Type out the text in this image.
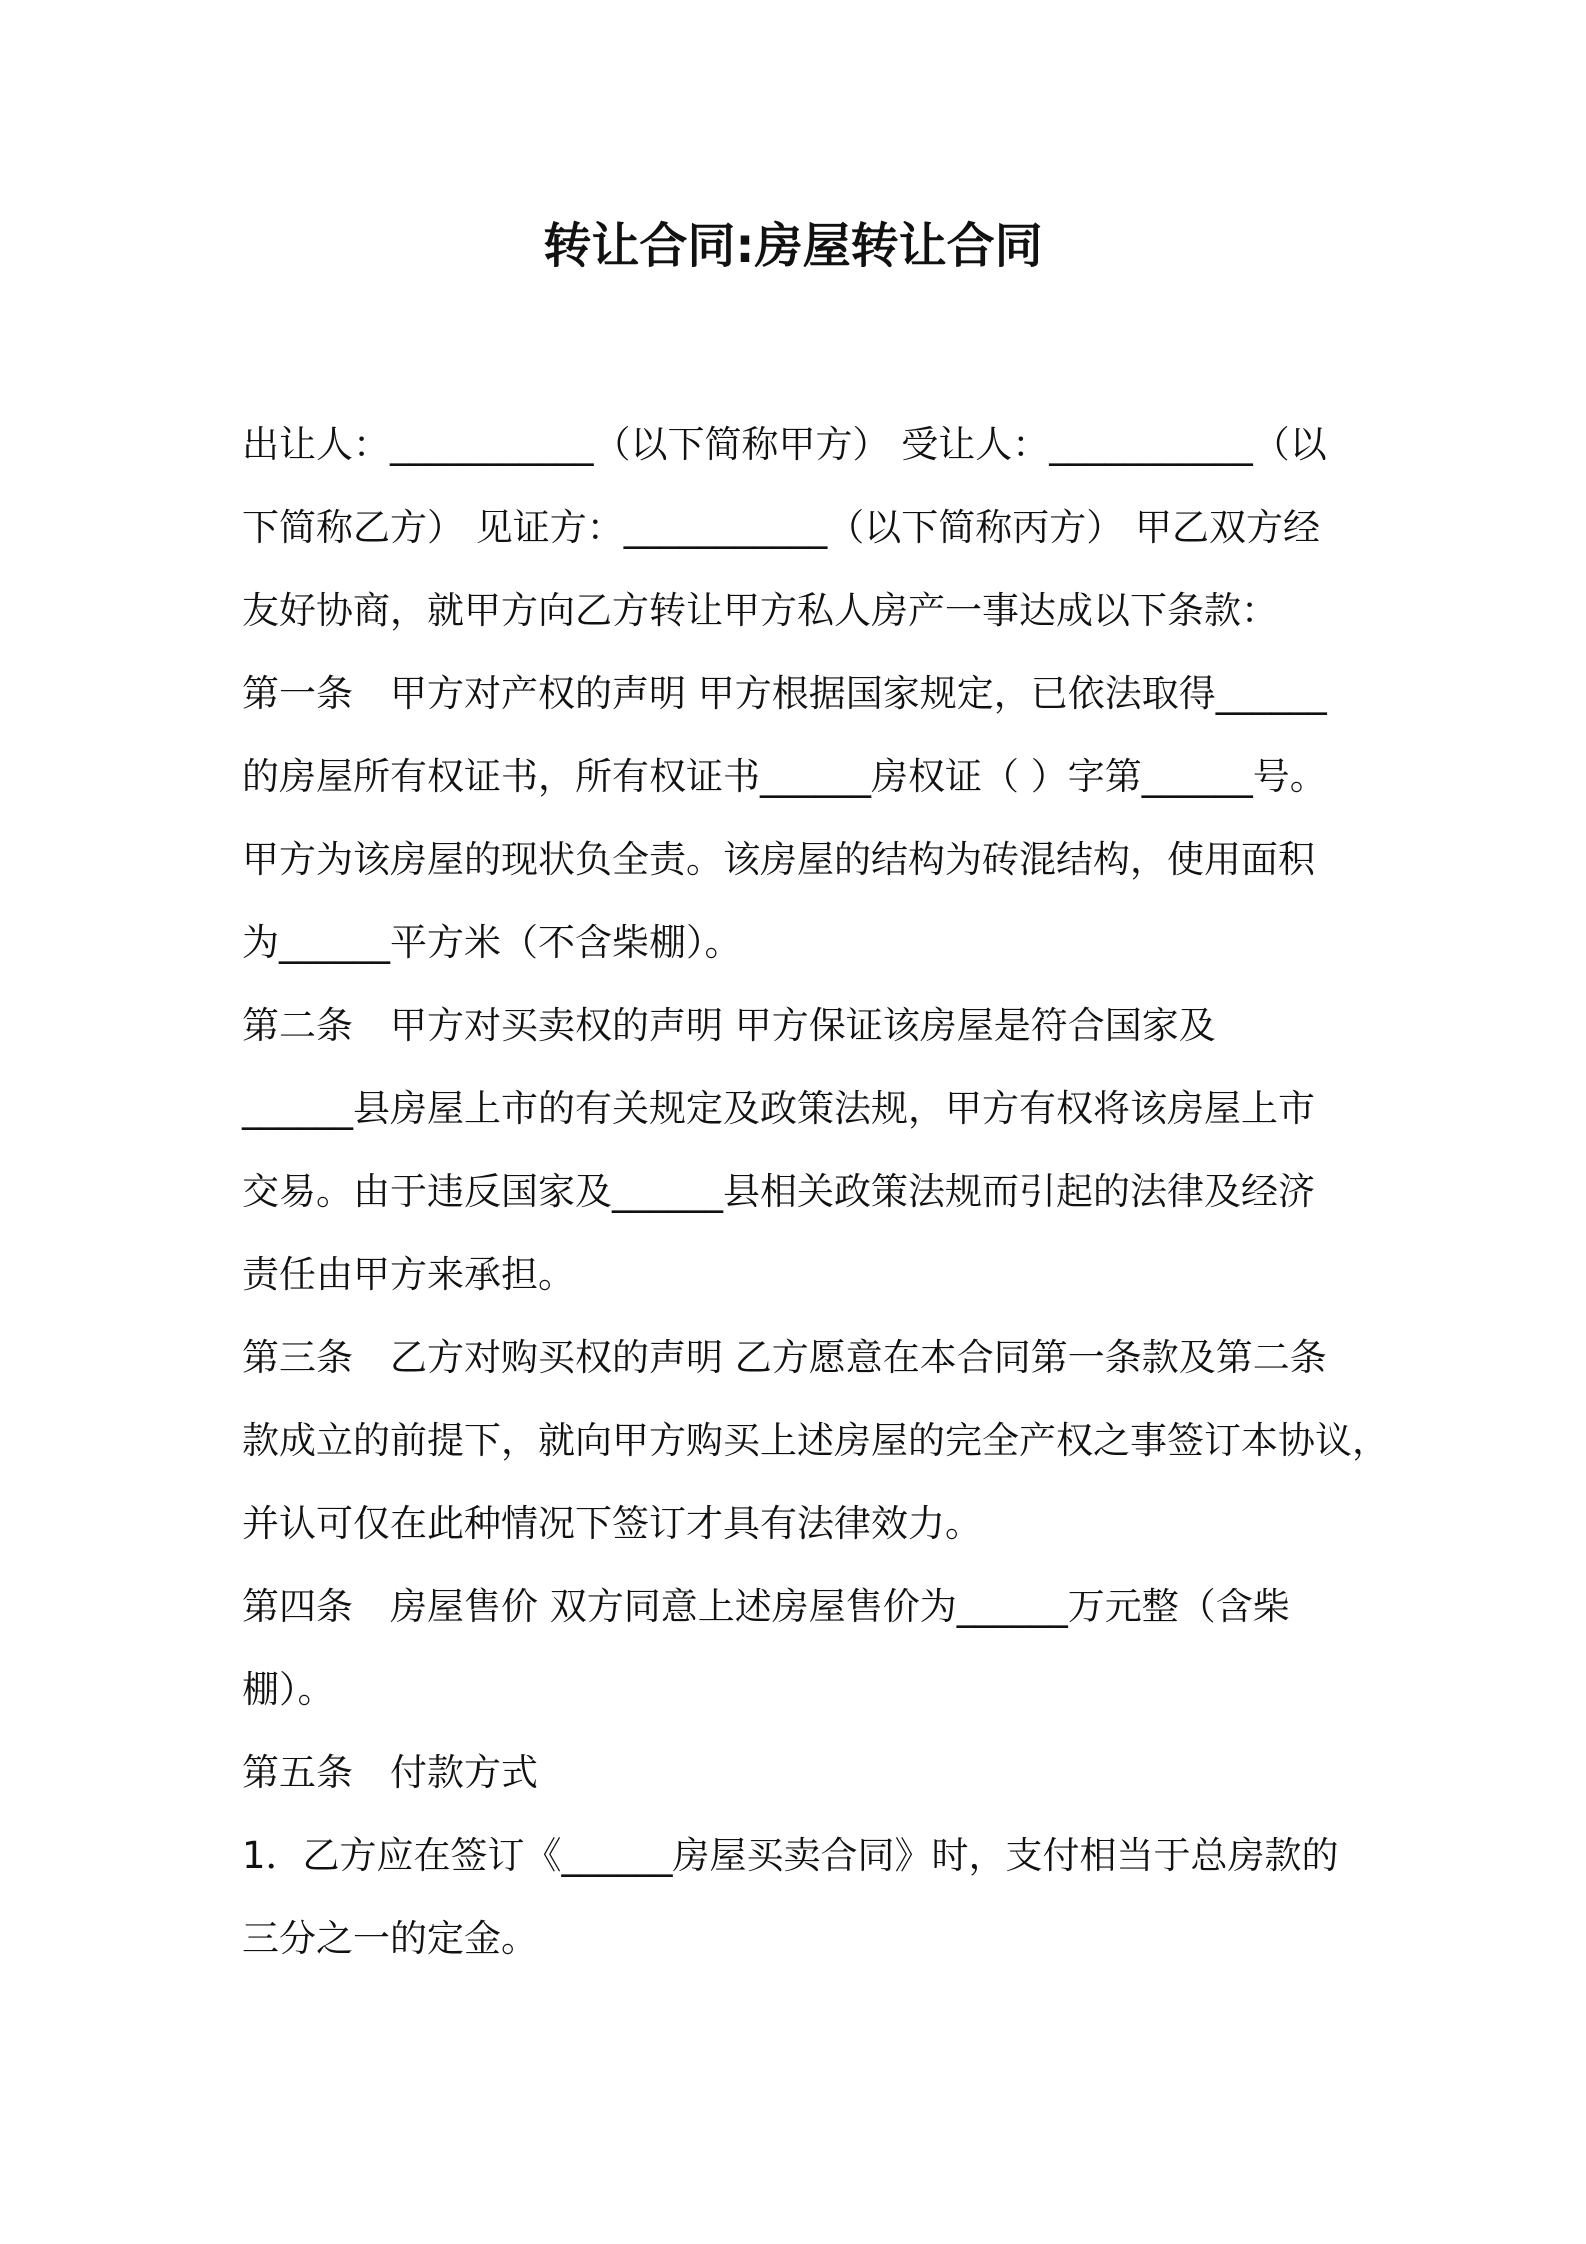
转让合同:房屋转让合同
出让人：___________（以下简称甲方） 受让人：___________（以
下简称乙方） 见证方：___________（以下简称丙方） 甲乙双方经
友好协商，就甲方向乙方转让甲方私人房产一事达成以下条款：
第一条　甲方对产权的声明 甲方根据国家规定，已依法取得______
的房屋所有权证书，所有权证书______房权证（ ）字第______号。
甲方为该房屋的现状负全责。该房屋的结构为砖混结构，使用面积
为______平方米（不含柴棚）。
第二条　甲方对买卖权的声明 甲方保证该房屋是符合国家及
______县房屋上市的有关规定及政策法规，甲方有权将该房屋上市
交易。由于违反国家及______县相关政策法规而引起的法律及经济
责任由甲方来承担。
第三条　乙方对购买权的声明 乙方愿意在本合同第一条款及第二条
款成立的前提下，就向甲方购买上述房屋的完全产权之事签订本协议，
并认可仅在此种情况下签订才具有法律效力。
第四条　房屋售价 双方同意上述房屋售价为______万元整（含柴
棚）。
第五条　付款方式
1．乙方应在签订《______房屋买卖合同》时，支付相当于总房款的
三分之一的定金。
